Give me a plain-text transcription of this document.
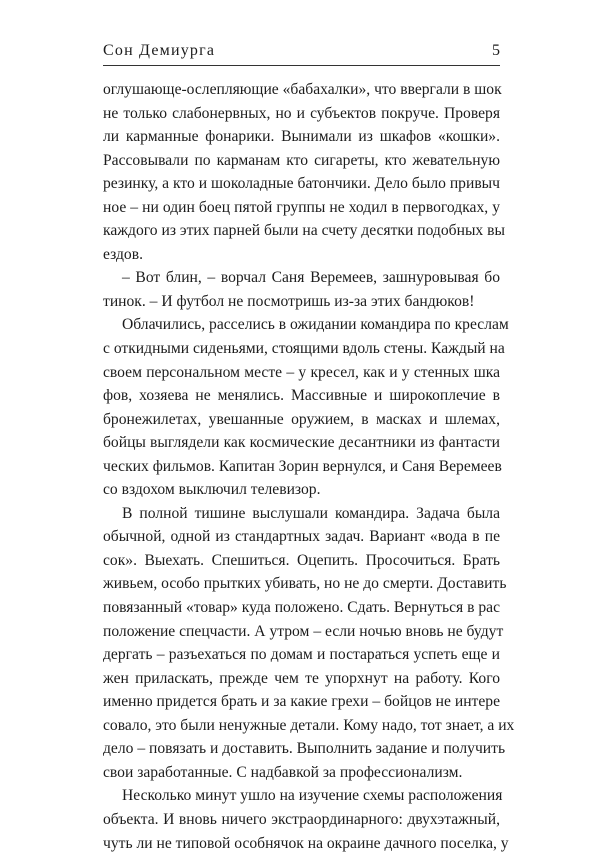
Сон Демиурга	5
оглушающе-ослепляющие «бабахалки», что ввергали в шок
не только слабонервных, но и субъектов покруче. Проверя
ли карманные фонарики. Вынимали из шкафов «кошки».
Рассовывали по карманам кто сигареты, кто жевательную
резинку, а кто и шоколадные батончики. Дело было привыч
ное – ни один боец пятой группы не ходил в первогодках, у
каждого из этих парней были на счету десятки подобных вы
ездов.
– Вот блин, – ворчал Саня Веремеев, зашнуровывая бо
тинок. – И футбол не посмотришь из-за этих бандюков!
Облачились, расселись в ожидании командира по креслам
с откидными сиденьями, стоящими вдоль стены. Каждый на
своем персональном месте – у кресел, как и у стенных шка
фов, хозяева не менялись. Массивные и широкоплечие в
бронежилетах, увешанные оружием, в масках и шлемах,
бойцы выглядели как космические десантники из фантасти
ческих фильмов. Капитан Зорин вернулся, и Саня Веремеев
со вздохом выключил телевизор.
В полной тишине выслушали командира. Задача была
обычной, одной из стандартных задач. Вариант «вода в пе
сок». Выехать. Спешиться. Оцепить. Просочиться. Брать
живьем, особо прытких убивать, но не до смерти. Доставить
повязанный «товар» куда положено. Сдать. Вернуться в рас
положение спецчасти. А утром – если ночью вновь не будут
дергать – разъехаться по домам и постараться успеть еще и
жен приласкать, прежде чем те упорхнут на работу. Кого
именно придется брать и за какие грехи – бойцов не интере
совало, это были ненужные детали. Кому надо, тот знает, а их
дело – повязать и доставить. Выполнить задание и получить
свои заработанные. С надбавкой за профессионализм.
Несколько минут ушло на изучение схемы расположения
объекта. И вновь ничего экстраординарного: двухэтажный,
чуть ли не типовой особнячок на окраине дачного поселка, у
